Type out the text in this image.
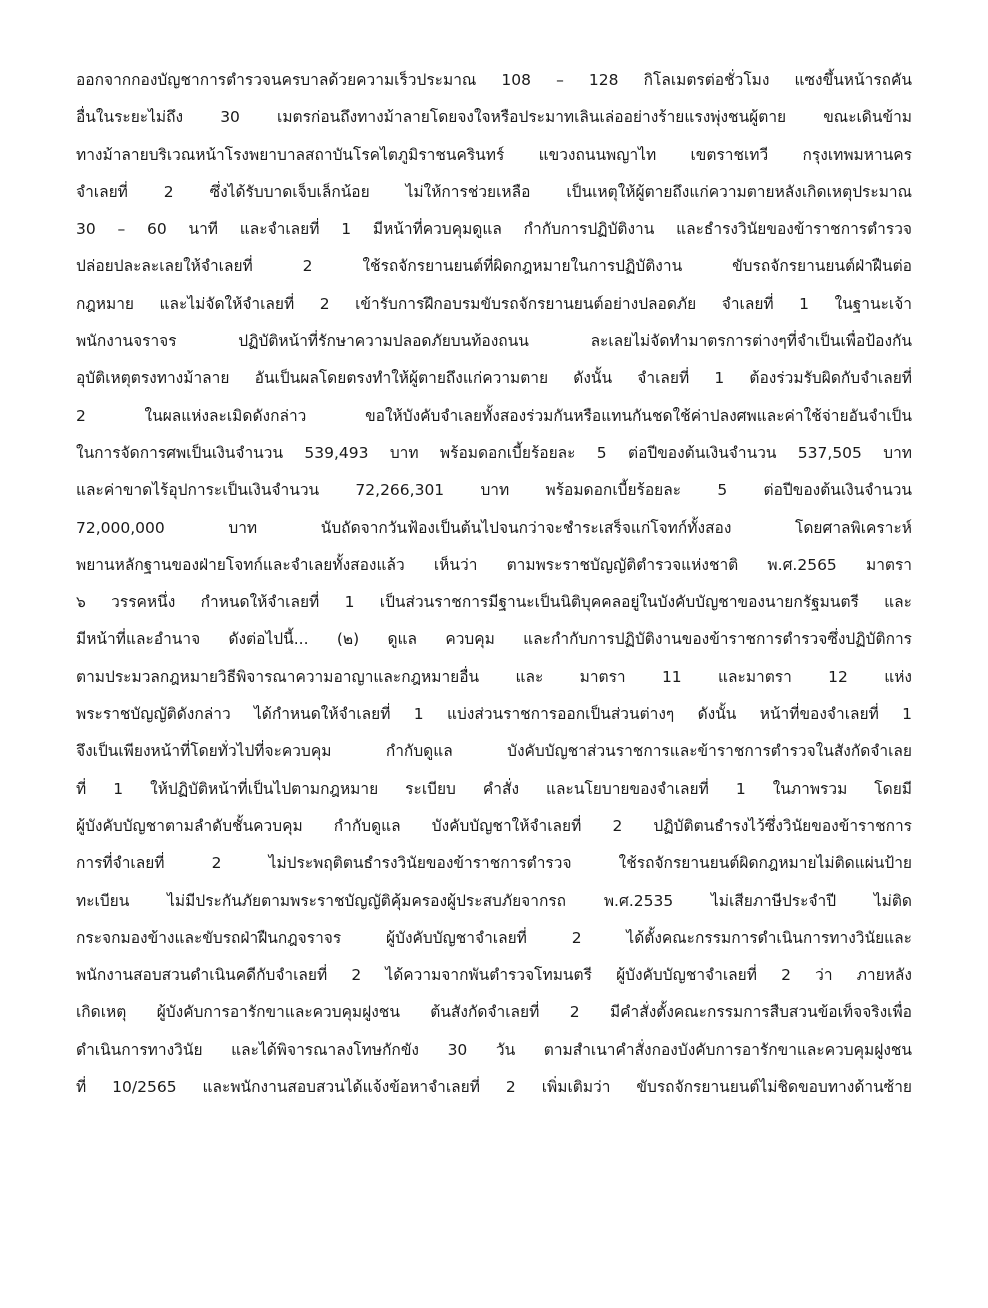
ออกจากกองบัญชาการตำรวจนครบาลด้วยความเร็วประมาณ 108 – 128 กิโลเมตรต่อชั่วโมง แซงขึ้นหน้ารถคัน
อื่นในระยะไม่ถึง 30 เมตรก่อนถึงทางม้าลายโดยจงใจหรือประมาทเลินเล่ออย่างร้ายแรงพุ่งชนผู้ตาย ขณะเดินข้าม
ทางม้าลายบริเวณหน้าโรงพยาบาลสถาบันโรคไตภูมิราชนครินทร์ แขวงถนนพญาไท เขตราชเทวี กรุงเทพมหานคร
จำเลยที่ 2 ซึ่งได้รับบาดเจ็บเล็กน้อย ไม่ให้การช่วยเหลือ เป็นเหตุให้ผู้ตายถึงแก่ความตายหลังเกิดเหตุประมาณ
30 – 60 นาที และจำเลยที่ 1 มีหน้าที่ควบคุมดูแล กำกับการปฏิบัติงาน และธำรงวินัยของข้าราชการตำรวจ
ปล่อยปละละเลยให้จำเลยที่ 2 ใช้รถจักรยานยนต์ที่ผิดกฎหมายในการปฏิบัติงาน ขับรถจักรยานยนต์ฝ่าฝืนต่อ
กฎหมาย และไม่จัดให้จำเลยที่ 2 เข้ารับการฝึกอบรมขับรถจักรยานยนต์อย่างปลอดภัย จำเลยที่ 1 ในฐานะเจ้า
พนักงานจราจร ปฏิบัติหน้าที่รักษาความปลอดภัยบนท้องถนน ละเลยไม่จัดทำมาตรการต่างๆที่จำเป็นเพื่อป้องกัน
อุบัติเหตุตรงทางม้าลาย อันเป็นผลโดยตรงทำให้ผู้ตายถึงแก่ความตาย ดังนั้น จำเลยที่ 1 ต้องร่วมรับผิดกับจำเลยที่
2 ในผลแห่งละเมิดดังกล่าว ขอให้บังคับจำเลยทั้งสองร่วมกันหรือแทนกันชดใช้ค่าปลงศพและค่าใช้จ่ายอันจำเป็น
ในการจัดการศพเป็นเงินจำนวน 539,493 บาท พร้อมดอกเบี้ยร้อยละ 5 ต่อปีของต้นเงินจำนวน 537,505 บาท
และค่าขาดไร้อุปการะเป็นเงินจำนวน 72,266,301 บาท พร้อมดอกเบี้ยร้อยละ 5 ต่อปีของต้นเงินจำนวน
72,000,000 บาท นับถัดจากวันฟ้องเป็นต้นไปจนกว่าจะชำระเสร็จแก่โจทก์ทั้งสอง โดยศาลพิเคราะห์
พยานหลักฐานของฝ่ายโจทก์และจำเลยทั้งสองแล้ว เห็นว่า ตามพระราชบัญญัติตำรวจแห่งชาติ พ.ศ.2565 มาตรา
๖ วรรคหนึ่ง กำหนดให้จำเลยที่ 1 เป็นส่วนราชการมีฐานะเป็นนิติบุคคลอยู่ในบังคับบัญชาของนายกรัฐมนตรี และ
มีหน้าที่และอำนาจ ดังต่อไปนี้... (๒) ดูแล ควบคุม และกำกับการปฏิบัติงานของข้าราชการตำรวจซึ่งปฏิบัติการ
ตามประมวลกฎหมายวิธีพิจารณาความอาญาและกฎหมายอื่น และ มาตรา 11 และมาตรา 12 แห่ง
พระราชบัญญัติดังกล่าว ได้กำหนดให้จำเลยที่ 1 แบ่งส่วนราชการออกเป็นส่วนต่างๆ ดังนั้น หน้าที่ของจำเลยที่ 1
จึงเป็นเพียงหน้าที่โดยทั่วไปที่จะควบคุม กำกับดูแล บังคับบัญชาส่วนราชการและข้าราชการตำรวจในสังกัดจำเลย
ที่ 1 ให้ปฏิบัติหน้าที่เป็นไปตามกฎหมาย ระเบียบ คำสั่ง และนโยบายของจำเลยที่ 1 ในภาพรวม โดยมี
ผู้บังคับบัญชาตามลำดับชั้นควบคุม กำกับดูแล บังคับบัญชาให้จำเลยที่ 2 ปฏิบัติตนธำรงไว้ซึ่งวินัยของข้าราชการ
การที่จำเลยที่ 2 ไม่ประพฤติตนธำรงวินัยของข้าราชการตำรวจ ใช้รถจักรยานยนต์ผิดกฎหมายไม่ติดแผ่นป้าย
ทะเบียน ไม่มีประกันภัยตามพระราชบัญญัติคุ้มครองผู้ประสบภัยจากรถ พ.ศ.2535 ไม่เสียภาษีประจำปี ไม่ติด
กระจกมองข้างและขับรถฝ่าฝืนกฎจราจร ผู้บังคับบัญชาจำเลยที่ 2 ได้ตั้งคณะกรรมการดำเนินการทางวินัยและ
พนักงานสอบสวนดำเนินคดีกับจำเลยที่ 2 ได้ความจากพันตำรวจโทมนตรี ผู้บังคับบัญชาจำเลยที่ 2 ว่า ภายหลัง
เกิดเหตุ ผู้บังคับการอารักขาและควบคุมฝูงชน ต้นสังกัดจำเลยที่ 2 มีคำสั่งตั้งคณะกรรมการสืบสวนข้อเท็จจริงเพื่อ
ดำเนินการทางวินัย และได้พิจารณาลงโทษกักขัง 30 วัน ตามสำเนาคำสั่งกองบังคับการอารักขาและควบคุมฝูงชน
ที่ 10/2565 และพนักงานสอบสวนได้แจ้งข้อหาจำเลยที่ 2 เพิ่มเติมว่า ขับรถจักรยานยนต์ไม่ชิดขอบทางด้านซ้าย
